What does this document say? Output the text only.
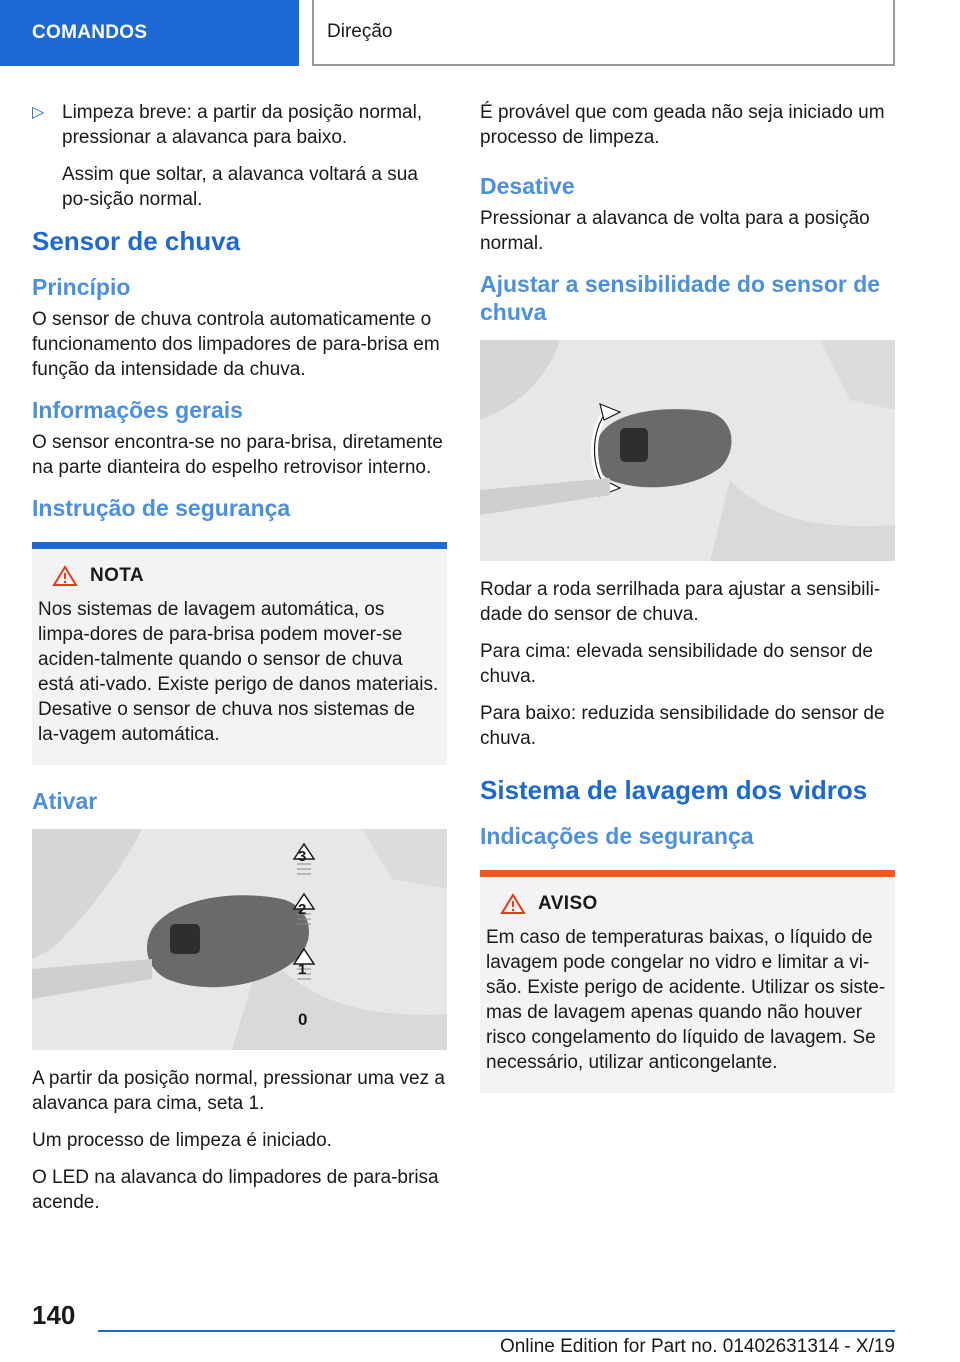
COMANDOS	Direção
▷ Limpeza breve: a partir da posição normal, pressionar a alavanca para baixo.

Assim que soltar, a alavanca voltará a sua po-sição normal.

Sensor de chuva
Princípio

O sensor de chuva controla automaticamente o funcionamento dos limpadores de para-brisa em função da intensidade da chuva.

Informações gerais

O sensor encontra-se no para-brisa, diretamente na parte dianteira do espelho retrovisor interno.

Instrução de segurança
NOTA

Nos sistemas de lavagem automática, os limpa-dores de para-brisa podem mover-se aciden-talmente quando o sensor de chuva está ati-vado. Existe perigo de danos materiais. Desative o sensor de chuva nos sistemas de la-vagem automática.

Ativar
3
2
1
0

A partir da posição normal, pressionar uma vez a alavanca para cima, seta 1.

Um processo de limpeza é iniciado.

O LED na alavanca do limpadores de para-brisa acende.

É provável que com geada não seja iniciado um processo de limpeza.

Desative

Pressionar a alavanca de volta para a posição normal.

Ajustar a sensibilidade do sensor de chuva

Rodar a roda serrilhada para ajustar a sensibili-dade do sensor de chuva.

Para cima: elevada sensibilidade do sensor de chuva.

Para baixo: reduzida sensibilidade do sensor de chuva.

Sistema de lavagem dos vidros
Indicações de segurança
AVISO

Em caso de temperaturas baixas, o líquido de lavagem pode congelar no vidro e limitar a vi-são. Existe perigo de acidente. Utilizar os siste-mas de lavagem apenas quando não houver risco congelamento do líquido de lavagem. Se necessário, utilizar anticongelante.

140
Online Edition for Part no. 01402631314 - X/19
